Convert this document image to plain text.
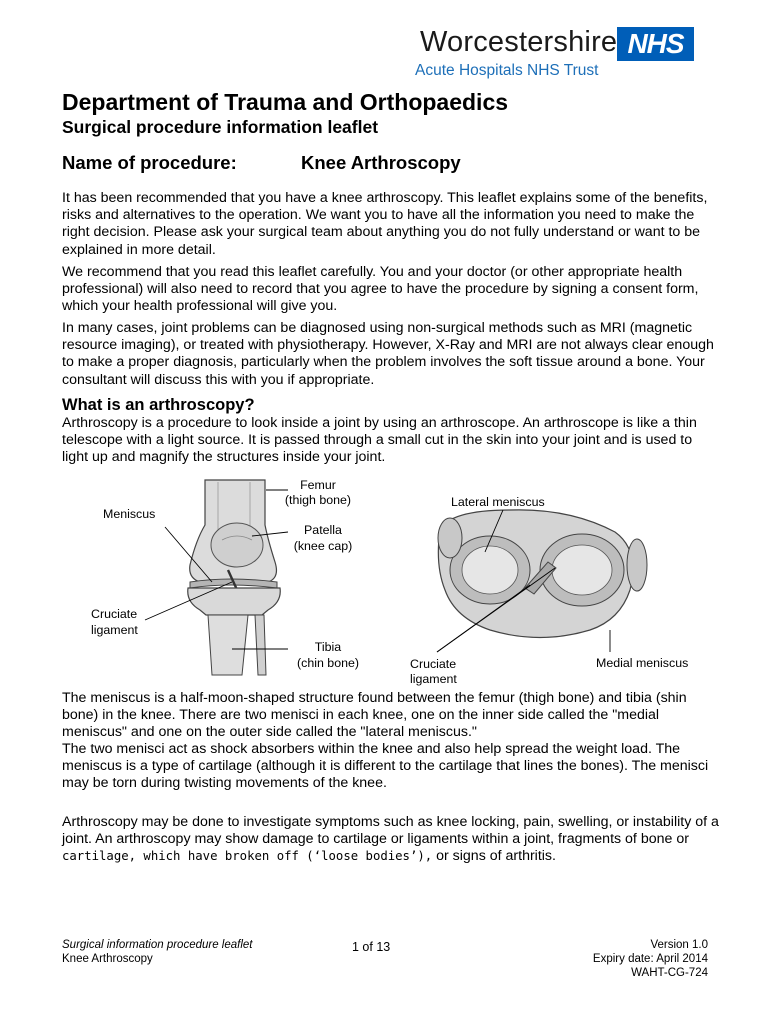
Worcestershire NHS
Acute Hospitals NHS Trust
Department of Trauma and Orthopaedics
Surgical procedure information leaflet
Name of procedure:	Knee Arthroscopy
It has been recommended that you have a knee arthroscopy. This leaflet explains some of the benefits, risks and alternatives to the operation. We want you to have all the information you need to make the right decision. Please ask your surgical team about anything you do not fully understand or want to be explained in more detail.
We recommend that you read this leaflet carefully. You and your doctor (or other appropriate health professional) will also need to record that you agree to have the procedure by signing a consent form, which your health professional will give you.
In many cases, joint problems can be diagnosed using non-surgical methods such as MRI (magnetic resource imaging), or treated with physiotherapy. However, X-Ray and MRI are not always clear enough to make a proper diagnosis, particularly when the problem involves the soft tissue around a bone. Your consultant will discuss this with you if appropriate.
What is an arthroscopy?
Arthroscopy is a procedure to look inside a joint by using an arthroscope. An arthroscope is like a thin telescope with a light source. It is passed through a small cut in the skin into your joint and is used to light up and magnify the structures inside your joint.
Meniscus
Femur
(thigh bone)
Patella
(knee cap)
Cruciate
ligament
Tibia
(chin bone)
Lateral meniscus
Cruciate
ligament
Medial meniscus
The meniscus is a half-moon-shaped structure found between the femur (thigh bone) and tibia (shin bone) in the knee. There are two menisci in each knee, one on the inner side called the "medial meniscus" and one on the outer side called the "lateral meniscus."
The two menisci act as shock absorbers within the knee and also help spread the weight load. The meniscus is a type of cartilage (although it is different to the cartilage that lines the bones). The menisci may be torn during twisting movements of the knee.
Arthroscopy may be done to investigate symptoms such as knee locking, pain, swelling, or instability of a joint. An arthroscopy may show damage to cartilage or ligaments within a joint, fragments of bone or cartilage, which have broken off (‘loose bodies’), or signs of arthritis.
Surgical information procedure leaflet
Knee Arthroscopy
1 of 13	Version 1.0
Expiry date: April 2014
WAHT-CG-724
